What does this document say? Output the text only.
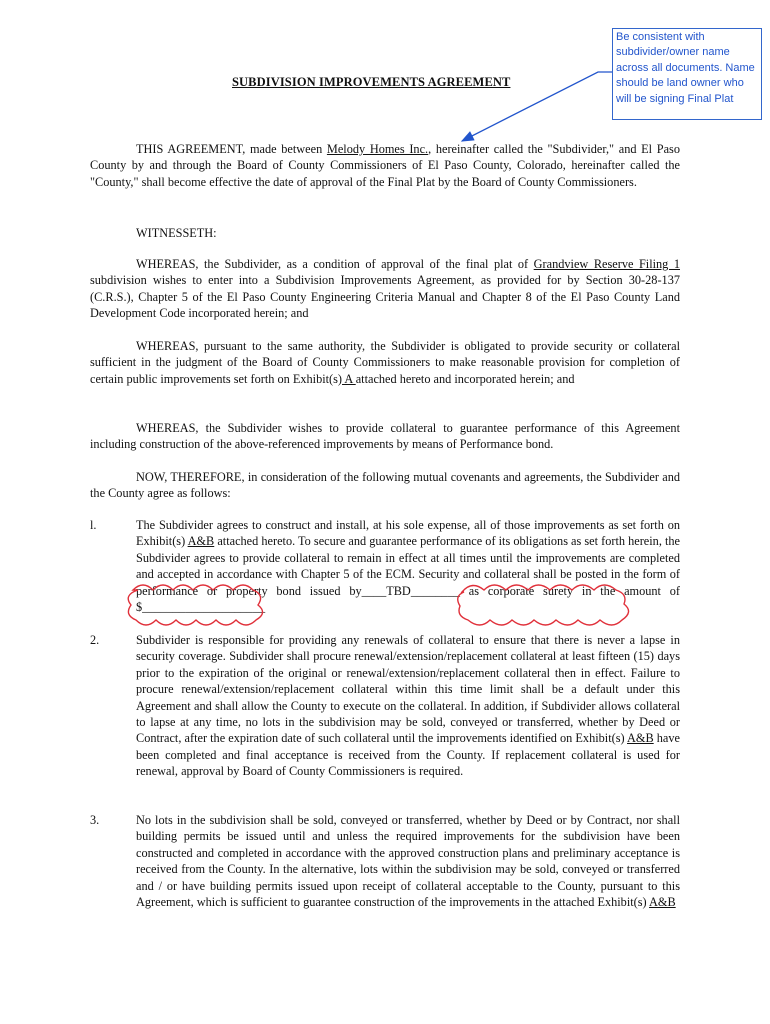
SUBDIVISION IMPROVEMENTS AGREEMENT
Be consistent with subdivider/owner name across all documents. Name should be land owner who will be signing Final Plat
THIS AGREEMENT, made between Melody Homes Inc., hereinafter called the "Subdivider," and El Paso County by and through the Board of County Commissioners of El Paso County, Colorado, hereinafter called the "County," shall become effective the date of approval of the Final Plat by the Board of County Commissioners.
WITNESSETH:
WHEREAS, the Subdivider, as a condition of approval of the final plat of Grandview Reserve Filing 1 subdivision wishes to enter into a Subdivision Improvements Agreement, as provided for by Section 30-28-137 (C.R.S.), Chapter 5 of the El Paso County Engineering Criteria Manual and Chapter 8 of the El Paso County Land Development Code incorporated herein; and
WHEREAS, pursuant to the same authority, the Subdivider is obligated to provide security or collateral sufficient in the judgment of the Board of County Commissioners to make reasonable provision for completion of certain public improvements set forth on Exhibit(s) A attached hereto and incorporated herein; and
WHEREAS, the Subdivider wishes to provide collateral to guarantee performance of this Agreement including construction of the above-referenced improvements by means of Performance bond.
NOW, THEREFORE, in consideration of the following mutual covenants and agreements, the Subdivider and the County agree as follows:
l.	The Subdivider agrees to construct and install, at his sole expense, all of those improvements as set forth on Exhibit(s) A&B attached hereto. To secure and guarantee performance of its obligations as set forth herein, the Subdivider agrees to provide collateral to remain in effect at all times until the improvements are completed and accepted in accordance with Chapter 5 of the ECM. Security and collateral shall be posted in the form of performance or property bond issued by____TBD________ as corporate surety in the amount of $____________________
2.	Subdivider is responsible for providing any renewals of collateral to ensure that there is never a lapse in security coverage. Subdivider shall procure renewal/extension/replacement collateral at least fifteen (15) days prior to the expiration of the original or renewal/extension/replacement collateral then in effect. Failure to procure renewal/extension/replacement collateral within this time limit shall be a default under this Agreement and shall allow the County to execute on the collateral. In addition, if Subdivider allows collateral to lapse at any time, no lots in the subdivision may be sold, conveyed or transferred, whether by Deed or Contract, after the expiration date of such collateral until the improvements identified on Exhibit(s) A&B have been completed and final acceptance is received from the County. If replacement collateral is used for renewal, approval by Board of County Commissioners is required.
3.	No lots in the subdivision shall be sold, conveyed or transferred, whether by Deed or by Contract, nor shall building permits be issued until and unless the required improvements for the subdivision have been constructed and completed in accordance with the approved construction plans and preliminary acceptance is received from the County. In the alternative, lots within the subdivision may be sold, conveyed or transferred and / or have building permits issued upon receipt of collateral acceptable to the County, pursuant to this Agreement, which is sufficient to guarantee construction of the improvements in the attached Exhibit(s) A&B
